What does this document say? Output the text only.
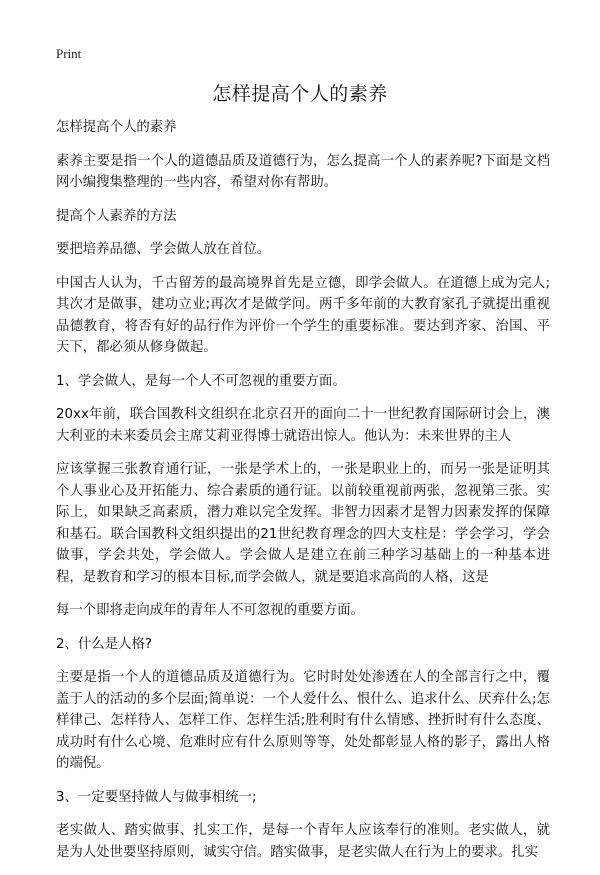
Print
怎样提高个人的素养

怎样提高个人的素养

素养主要是指一个人的道德品质及道德行为，怎么提高一个人的素养呢?下面是文档网小编搜集整理的一些内容，希望对你有帮助。

提高个人素养的方法

要把培养品德、学会做人放在首位。

中国古人认为，千古留芳的最高境界首先是立德，即学会做人。在道德上成为完人;其次才是做事，建功立业;再次才是做学问。两千多年前的大教育家孔子就提出重视品德教育，将否有好的品行作为评价一个学生的重要标准。要达到齐家、治国、平天下，都必须从修身做起。

1、学会做人，是每一个人不可忽视的重要方面。

20xx年前，联合国教科文组织在北京召开的面向二十一世纪教育国际研讨会上，澳大利亚的未来委员会主席艾莉亚得博士就语出惊人。他认为：未来世界的主人

应该掌握三张教育通行证，一张是学术上的，一张是职业上的，而另一张是证明其个人事业心及开拓能力、综合素质的通行证。以前较重视前两张，忽视第三张。实际上，如果缺乏高素质，潜力难以完全发挥。非智力因素才是智力因素发挥的保障和基石。联合国教科文组织提出的21世纪教育理念的四大支柱是：学会学习，学会做事，学会共处，学会做人。学会做人是建立在前三种学习基础上的一种基本进程，是教育和学习的根本目标,而学会做人，就是要追求高尚的人格，这是

每一个即将走向成年的青年人不可忽视的重要方面。

2、什么是人格?

主要是指一个人的道德品质及道德行为。它时时处处渗透在人的全部言行之中，覆盖于人的活动的多个层面;简单说：一个人爱什么、恨什么、追求什么、厌弃什么;怎样律己、怎样待人、怎样工作、怎样生活;胜利时有什么情感、挫折时有什么态度、成功时有什么心境、危难时应有什么原则等等，处处都彰显人格的影子，露出人格的端倪。

3、一定要坚持做人与做事相统一;

老实做人、踏实做事、扎实工作，是每一个青年人应该奉行的准则。老实做人，就是为人处世要坚持原则，诚实守信。踏实做事，是老实做人在行为上的要求。扎实
